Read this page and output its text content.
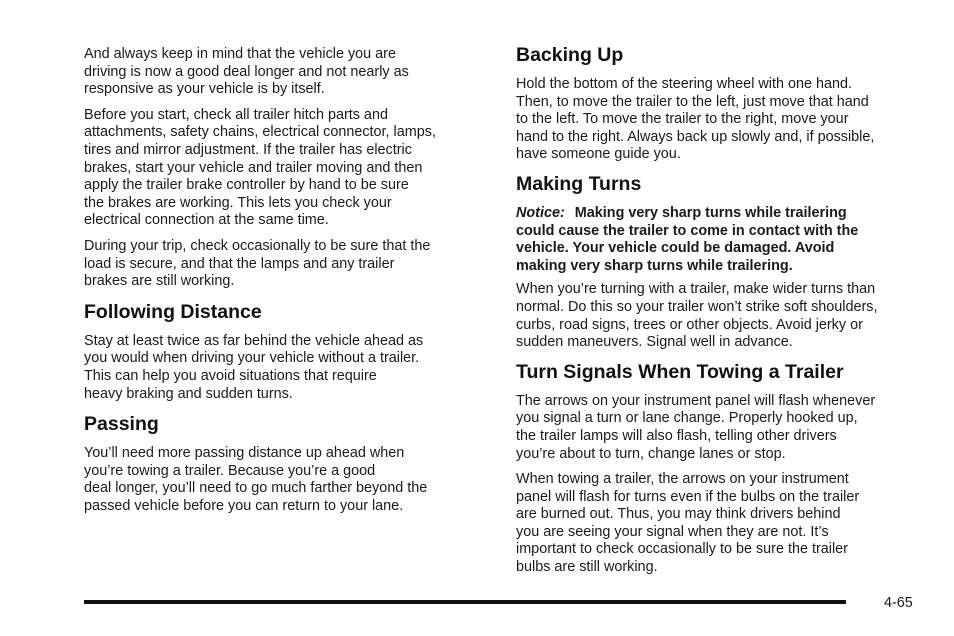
And always keep in mind that the vehicle you are
driving is now a good deal longer and not nearly as
responsive as your vehicle is by itself.

Before you start, check all trailer hitch parts and
attachments, safety chains, electrical connector, lamps,
tires and mirror adjustment. If the trailer has electric
brakes, start your vehicle and trailer moving and then
apply the trailer brake controller by hand to be sure
the brakes are working. This lets you check your
electrical connection at the same time.

During your trip, check occasionally to be sure that the
load is secure, and that the lamps and any trailer
brakes are still working.

Following Distance

Stay at least twice as far behind the vehicle ahead as
you would when driving your vehicle without a trailer.
This can help you avoid situations that require
heavy braking and sudden turns.

Passing

You’ll need more passing distance up ahead when
you’re towing a trailer. Because you’re a good
deal longer, you’ll need to go much farther beyond the
passed vehicle before you can return to your lane.

Backing Up

Hold the bottom of the steering wheel with one hand.
Then, to move the trailer to the left, just move that hand
to the left. To move the trailer to the right, move your
hand to the right. Always back up slowly and, if possible,
have someone guide you.

Making Turns

Notice: Making very sharp turns while trailering
could cause the trailer to come in contact with the
vehicle. Your vehicle could be damaged. Avoid
making very sharp turns while trailering.

When you’re turning with a trailer, make wider turns than
normal. Do this so your trailer won’t strike soft shoulders,
curbs, road signs, trees or other objects. Avoid jerky or
sudden maneuvers. Signal well in advance.

Turn Signals When Towing a Trailer

The arrows on your instrument panel will flash whenever
you signal a turn or lane change. Properly hooked up,
the trailer lamps will also flash, telling other drivers
you’re about to turn, change lanes or stop.

When towing a trailer, the arrows on your instrument
panel will flash for turns even if the bulbs on the trailer
are burned out. Thus, you may think drivers behind
you are seeing your signal when they are not. It’s
important to check occasionally to be sure the trailer
bulbs are still working.

4-65
